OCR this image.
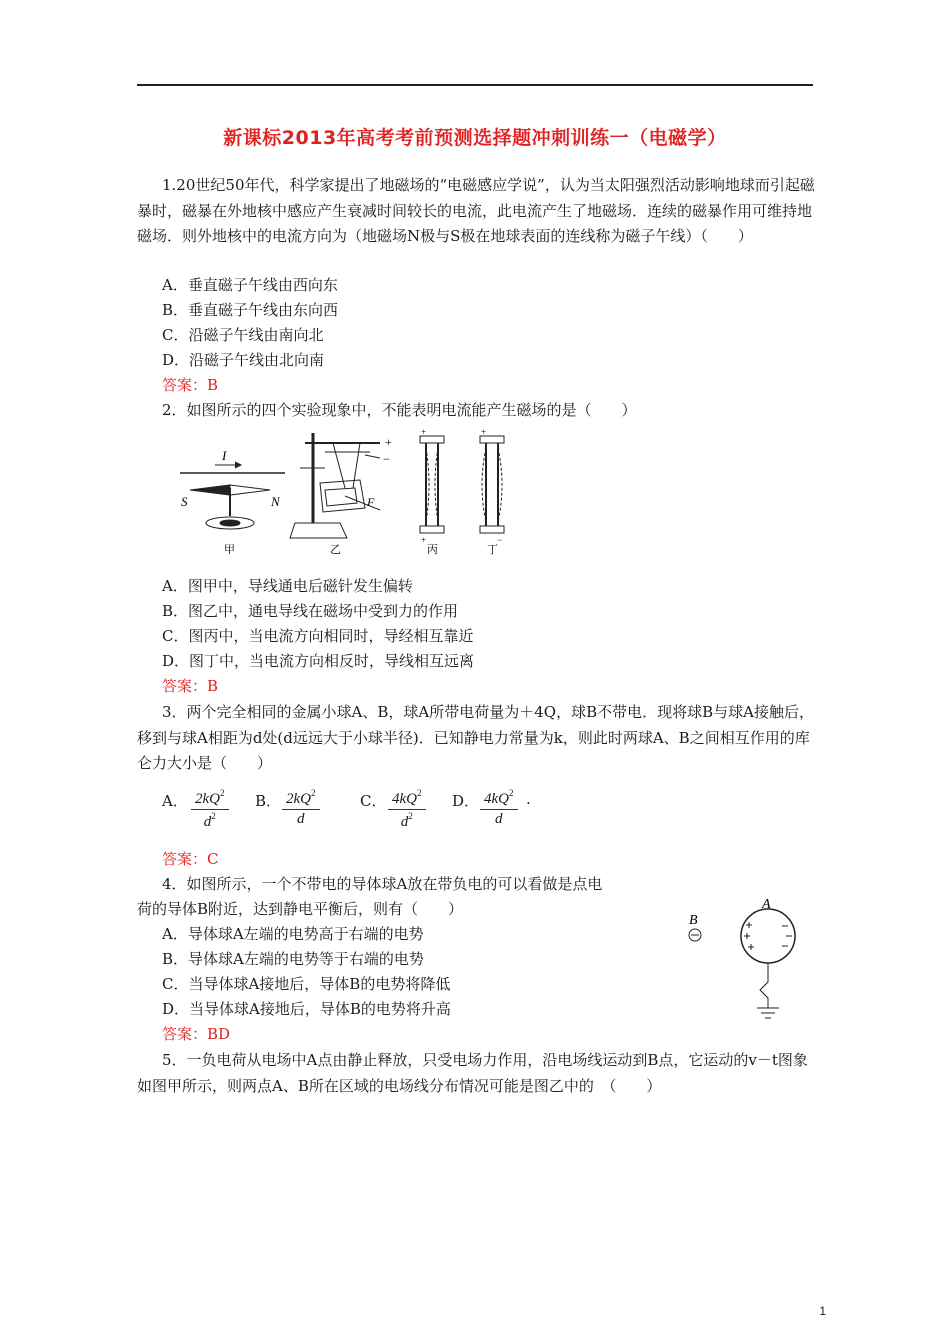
新课标2013年高考考前预测选择题冲刺训练一（电磁学）

1.20世纪50年代，科学家提出了地磁场的“电磁感应学说”，认为当太阳强烈活动影响地球而引起磁暴时，磁暴在外地核中感应产生衰减时间较长的电流，此电流产生了地磁场．连续的磁暴作用可维持地磁场．则外地核中的电流方向为（地磁场N极与S极在地球表面的连线称为磁子午线）（　　）

A．垂直磁子午线由西向东
B．垂直磁子午线由东向西
C．沿磁子午线由南向北
D．沿磁子午线由北向南
答案：B
2．如图所示的四个实验现象中，不能表明电流能产生磁场的是（　　）
I
S	N
甲
+
−
F
乙
+
+
丙
+
−
丁
A．图甲中，导线通电后磁针发生偏转
B．图乙中，通电导线在磁场中受到力的作用
C．图丙中，当电流方向相同时，导经相互靠近
D．图丁中，当电流方向相反时，导线相互远离
答案：B

3．两个完全相同的金属小球A、B，球A所带电荷量为＋4Q，球B不带电．现将球B与球A接触后，移到与球A相距为d处(d远远大于小球半径)．已知静电力常量为k，则此时两球A、B之间相互作用的库仑力大小是（　　）

A． $2kQ^2$
$d^2$
B． $2kQ^2$
d
C． $4kQ^2$
$d^2$
D． $4kQ^2$
d
.
答案：C
4．如图所示，一个不带电的导体球A放在带负电的可以看做是点电
荷的导体B附近，达到静电平衡后，则有（　　）
A．导体球A左端的电势高于右端的电势
B．导体球A左端的电势等于右端的电势
C．当导体球A接地后，导体B的电势将降低
D．当导体球A接地后，导体B的电势将升高
答案：BD
B
A

5．一负电荷从电场中A点由静止释放，只受电场力作用，沿电场线运动到B点，它运动的v－t图象如图甲所示，则两点A、B所在区域的电场线分布情况可能是图乙中的　（　　）

1
